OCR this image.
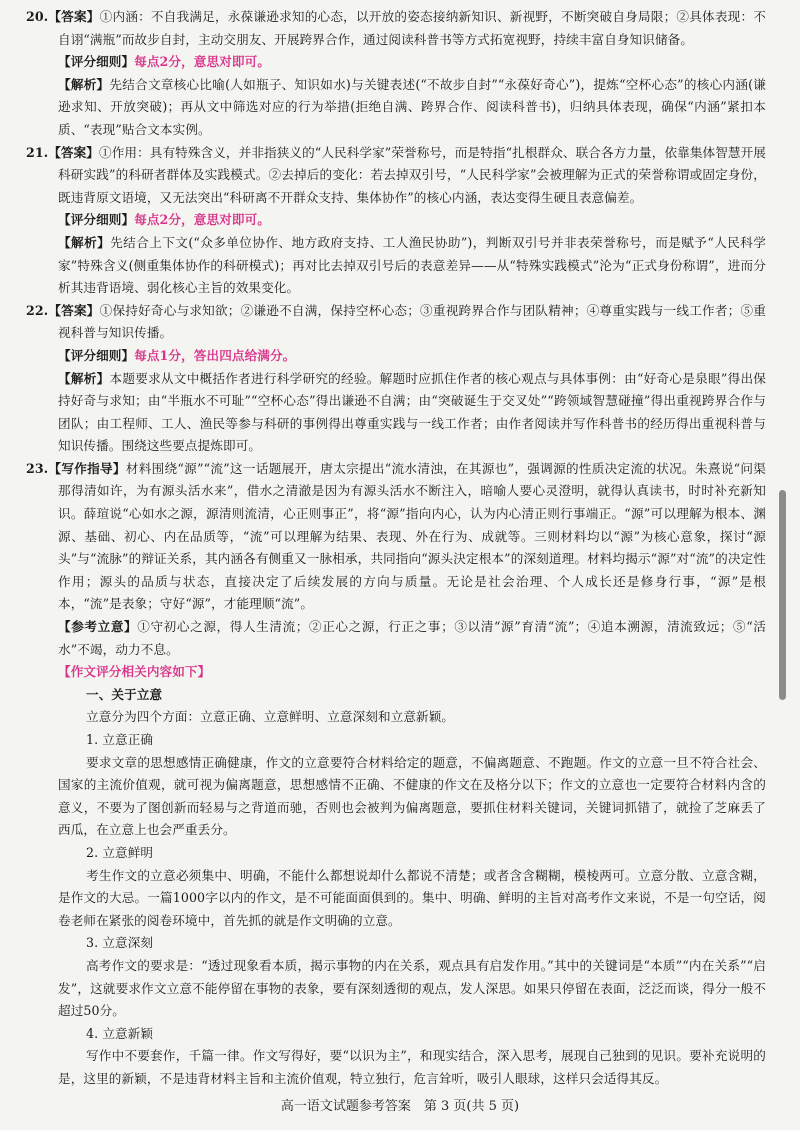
20.【答案】①内涵：不自我满足，永葆谦逊求知的心态，以开放的姿态接纳新知识、新视野，不断突破自身局限；②具体表现：不自诩“满瓶”而故步自封，主动交朋友、开展跨界合作，通过阅读科普书等方式拓宽视野，持续丰富自身知识储备。

【评分细则】每点2分，意思对即可。

【解析】先结合文章核心比喻(人如瓶子、知识如水)与关键表述(“不故步自封”“永葆好奇心”)，提炼“空杯心态”的核心内涵(谦逊求知、开放突破)；再从文中筛选对应的行为举措(拒绝自满、跨界合作、阅读科普书)，归纳具体表现，确保“内涵”紧扣本质、“表现”贴合文本实例。

21.【答案】①作用：具有特殊含义，并非指狭义的“人民科学家”荣誉称号，而是特指“扎根群众、联合各方力量，依靠集体智慧开展科研实践”的科研者群体及实践模式。②去掉后的变化：若去掉双引号，“人民科学家”会被理解为正式的荣誉称谓或固定身份，既违背原文语境，又无法突出“科研离不开群众支持、集体协作”的核心内涵，表达变得生硬且表意偏差。

【评分细则】每点2分，意思对即可。

【解析】先结合上下文(“众多单位协作、地方政府支持、工人渔民协助”)，判断双引号并非表荣誉称号，而是赋予“人民科学家”特殊含义(侧重集体协作的科研模式)；再对比去掉双引号后的表意差异——从“特殊实践模式”沦为“正式身份称谓”，进而分析其违背语境、弱化核心主旨的效果变化。

22.【答案】①保持好奇心与求知欲；②谦逊不自满，保持空杯心态；③重视跨界合作与团队精神；④尊重实践与一线工作者；⑤重视科普与知识传播。

【评分细则】每点1分，答出四点给满分。

【解析】本题要求从文中概括作者进行科学研究的经验。解题时应抓住作者的核心观点与具体事例：由“好奇心是泉眼”得出保持好奇与求知；由“半瓶水不可耻”“空杯心态”得出谦逊不自满；由“突破诞生于交叉处”“跨领域智慧碰撞”得出重视跨界合作与团队；由工程师、工人、渔民等参与科研的事例得出尊重实践与一线工作者；由作者阅读并写作科普书的经历得出重视科普与知识传播。围绕这些要点提炼即可。

23.【写作指导】材料围绕“源”“流”这一话题展开，唐太宗提出“流水清浊，在其源也”，强调源的性质决定流的状况。朱熹说“问渠那得清如许，为有源头活水来”，借水之清澈是因为有源头活水不断注入，暗喻人要心灵澄明，就得认真读书，时时补充新知识。薛瑄说“心如水之源，源清则流清，心正则事正”，将“源”指向内心，认为内心清正则行事端正。“源”可以理解为根本、渊源、基础、初心、内在品质等，“流”可以理解为结果、表现、外在行为、成就等。三则材料均以“源”为核心意象，探讨“源头”与“流脉”的辩证关系，其内涵各有侧重又一脉相承，共同指向“源头決定根本”的深刻道理。材料均揭示“源”对“流”的决定性作用；源头的品质与状态，直接决定了后续发展的方向与质量。无论是社会治理、个人成长还是修身行事，“源”是根本，“流”是表象；守好“源”，才能理顺“流”。

【参考立意】①守初心之源，得人生清流；②正心之源，行正之事；③以清“源”育清“流”；④追本溯源，清流致远；⑤“活水”不竭，动力不息。

【作文评分相关内容如下】

一、关于立意

立意分为四个方面：立意正确、立意鲜明、立意深刻和立意新颖。

1. 立意正确

要求文章的思想感情正确健康，作文的立意要符合材料给定的题意，不偏离题意、不跑题。作文的立意一旦不符合社会、国家的主流价值观，就可视为偏离题意，思想感情不正确、不健康的作文在及格分以下；作文的立意也一定要符合材料内含的意义，不要为了图创新而轻易与之背道而驰，否则也会被判为偏离题意，要抓住材料关键词，关键词抓错了，就捡了芝麻丢了西瓜，在立意上也会严重丢分。

2. 立意鲜明

考生作文的立意必须集中、明确，不能什么都想说却什么都说不清楚；或者含含糊糊，模棱两可。立意分散、立意含糊，是作文的大忌。一篇1000字以内的作文，是不可能面面俱到的。集中、明确、鲜明的主旨对高考作文来说，不是一句空话，阅卷老师在紧张的阅卷环境中，首先抓的就是作文明确的立意。

3. 立意深刻

高考作文的要求是：“透过现象看本质，揭示事物的内在关系，观点具有启发作用。”其中的关键词是“本质”“内在关系”“启发”，这就要求作文立意不能停留在事物的表象，要有深刻透彻的观点，发人深思。如果只停留在表面，泛泛而谈，得分一般不超过50分。

4. 立意新颖

写作中不要套作，千篇一律。作文写得好，要“以识为主”，和现实结合，深入思考，展现自己独到的见识。要补充说明的是，这里的新颖，不是违背材料主旨和主流价值观，特立独行，危言耸听，吸引人眼球，这样只会适得其反。

高一语文试题参考答案　第 3 页(共 5 页)
